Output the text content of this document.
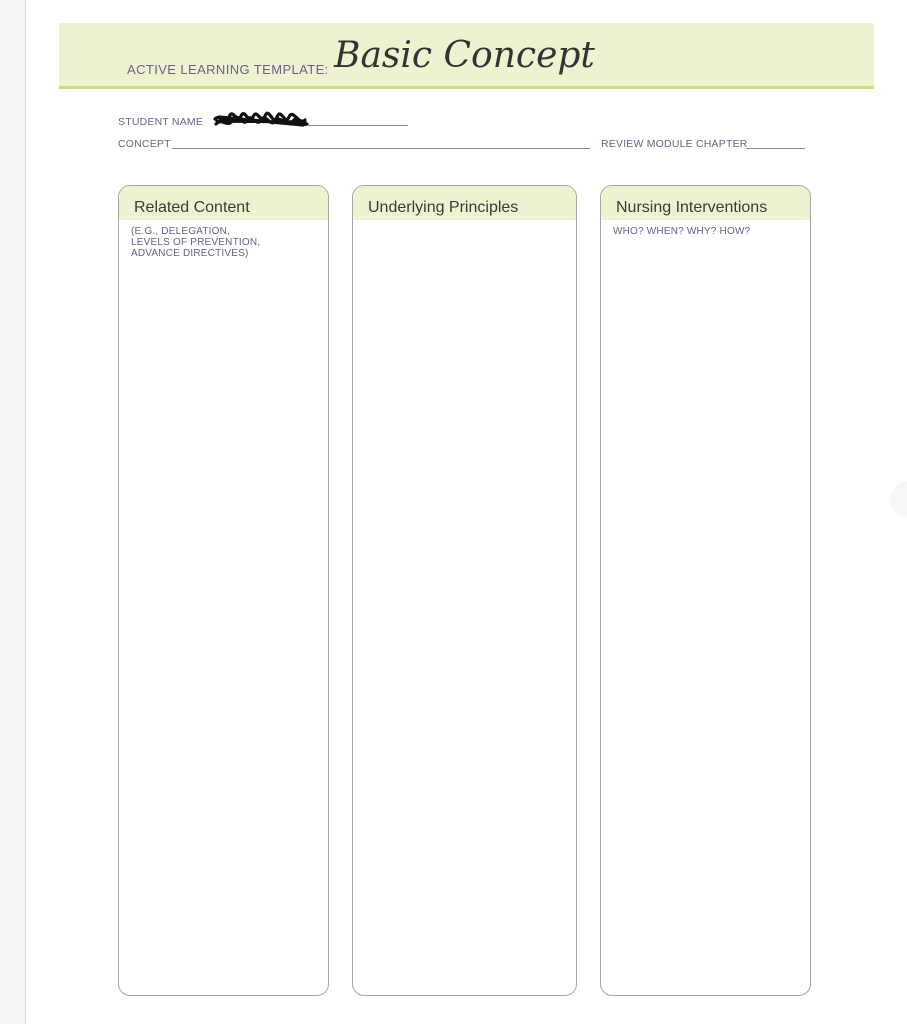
ACTIVE LEARNING TEMPLATE: Basic Concept
STUDENT NAME
CONCEPT	REVIEW MODULE CHAPTER
Related Content
(E.G., DELEGATION,
LEVELS OF PREVENTION,
ADVANCE DIRECTIVES)
Underlying Principles	Nursing Interventions
WHO? WHEN? WHY? HOW?
